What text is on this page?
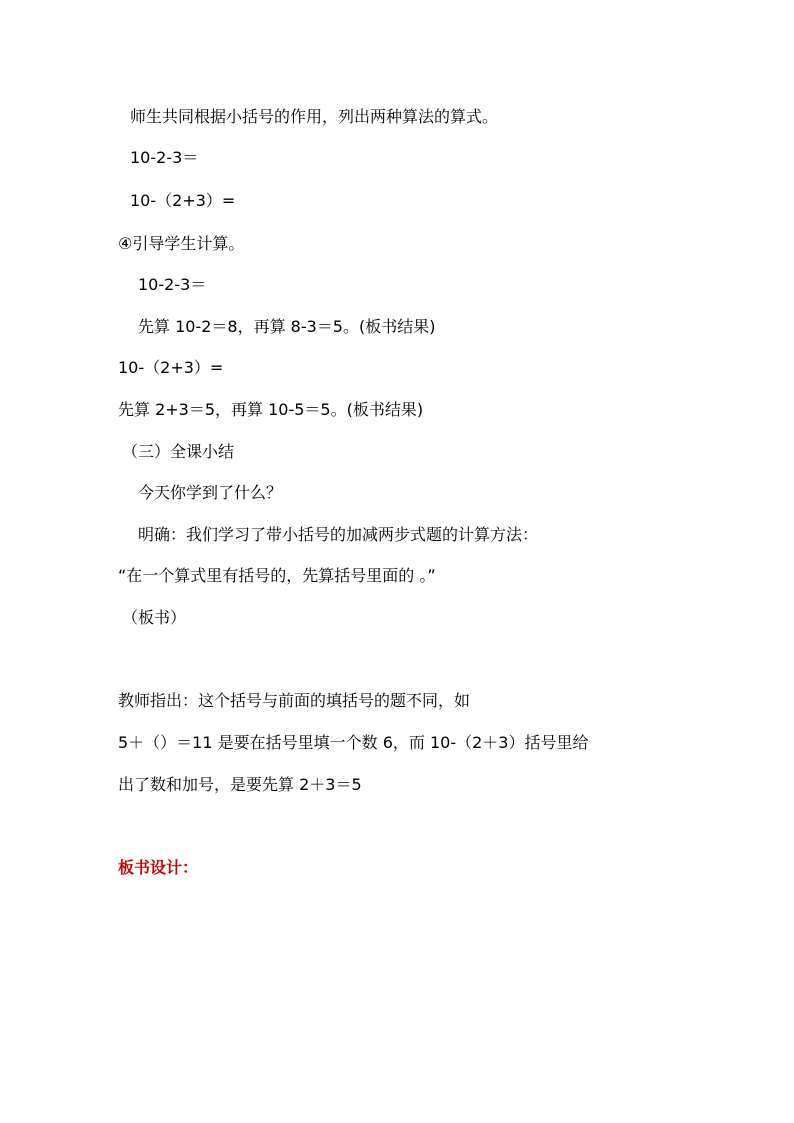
师生共同根据小括号的作用，列出两种算法的算式。
10-2-3＝
10-（2+3）=
④引导学生计算。
10-2-3＝
先算 10-2＝8，再算 8-3＝5。(板书结果)
10-（2+3）=
先算 2+3＝5，再算 10-5＝5。(板书结果)
（三）全课小结
今天你学到了什么？
明确：我们学习了带小括号的加减两步式题的计算方法：
“在一个算式里有括号的，先算括号里面的 。”
（板书）
教师指出：这个括号与前面的填括号的题不同，如
5＋（）＝11 是要在括号里填一个数 6，而 10-（2＋3）括号里给
出了数和加号，是要先算 2＋3＝5
板书设计：
